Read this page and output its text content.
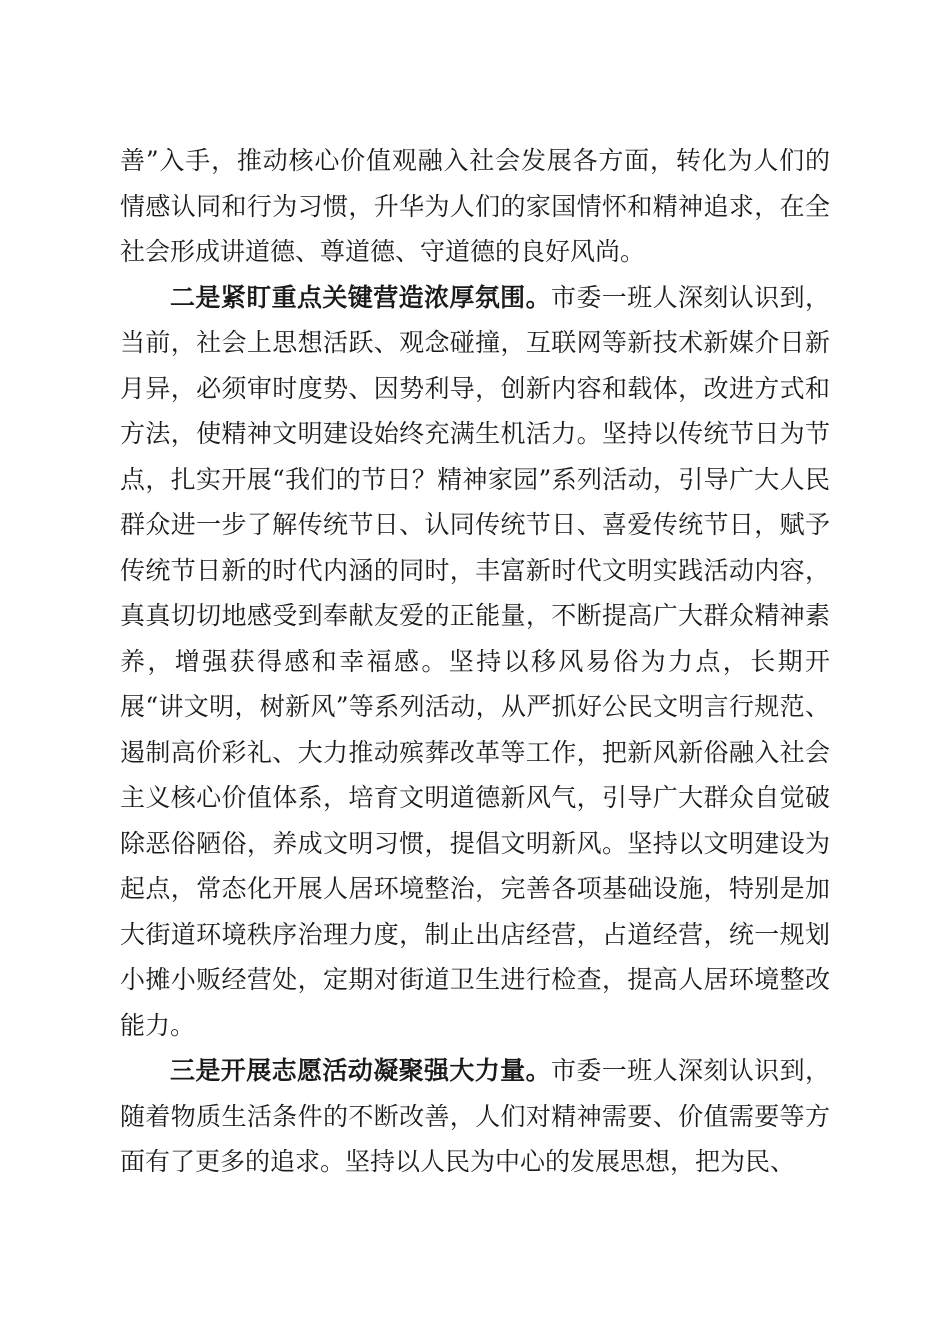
善”入手，推动核心价值观融入社会发展各方面，转化为人们的情感认同和行为习惯，升华为人们的家国情怀和精神追求，在全社会形成讲道德、尊道德、守道德的良好风尚。

二是紧盯重点关键营造浓厚氛围。市委一班人深刻认识到，当前，社会上思想活跃、观念碰撞，互联网等新技术新媒介日新月异，必须审时度势、因势利导，创新内容和载体，改进方式和方法，使精神文明建设始终充满生机活力。坚持以传统节日为节点，扎实开展“我们的节日？精神家园”系列活动，引导广大人民群众进一步了解传统节日、认同传统节日、喜爱传统节日，赋予传统节日新的时代内涵的同时，丰富新时代文明实践活动内容，真真切切地感受到奉献友爱的正能量，不断提高广大群众精神素养，增强获得感和幸福感。坚持以移风易俗为力点，长期开展“讲文明，树新风”等系列活动，从严抓好公民文明言行规范、遏制高价彩礼、大力推动殡葬改革等工作，把新风新俗融入社会主义核心价值体系，培育文明道德新风气，引导广大群众自觉破除恶俗陋俗，养成文明习惯，提倡文明新风。坚持以文明建设为起点，常态化开展人居环境整治，完善各项基础设施，特别是加大街道环境秩序治理力度，制止出店经营，占道经营，统一规划小摊小贩经营处，定期对街道卫生进行检查，提高人居环境整改能力。

三是开展志愿活动凝聚强大力量。市委一班人深刻认识到，随着物质生活条件的不断改善，人们对精神需要、价值需要等方面有了更多的追求。坚持以人民为中心的发展思想，把为民、
